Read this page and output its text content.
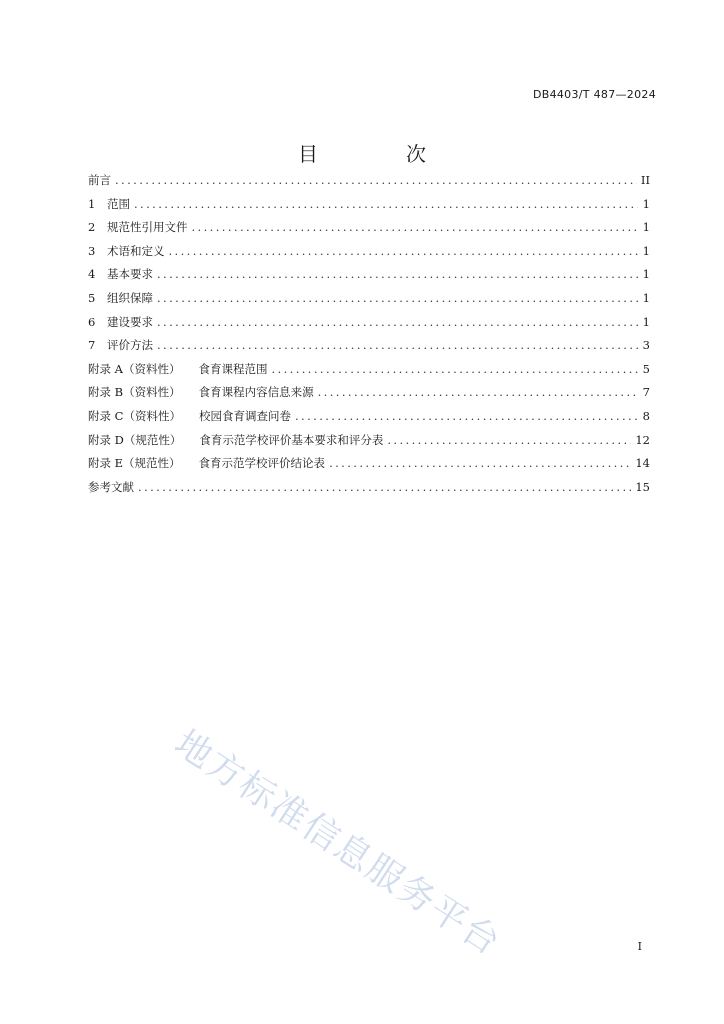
DB4403/T 487—2024
目　次
前言 .....	II
1	范围 .....	1
2	规范性引用文件 .....	1
3	术语和定义 .....	1
4	基本要求 .....	1
5	组织保障 .....	1
6	建设要求 .....	1
7	评价方法 .....	3
附录 A（资料性） 食育课程范围 .....	5
附录 B（资料性） 食育课程内容信息来源 .....	7
附录 C（资料性） 校园食育调查问卷 .....	8
附录 D（规范性） 食育示范学校评价基本要求和评分表 .....	12
附录 E（规范性） 食育示范学校评价结论表 .....	14
参考文献 .....	15
地方标准信息服务平台	I
